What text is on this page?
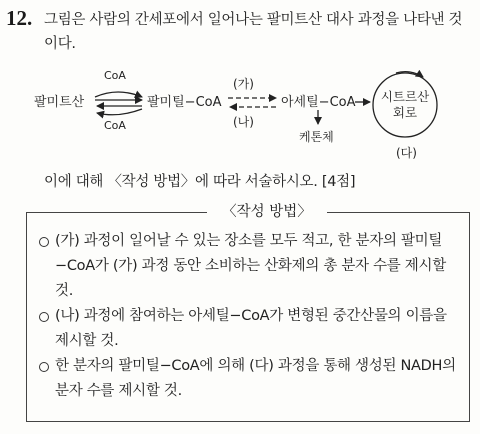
12. 그림은 사람의 간세포에서 일어나는 팔미트산 대사 과정을 나타낸 것이다.
CoA
팔미트산
CoA
팔미틸−CoA
(가)
(나)
아세틸−CoA
케톤체
시트르산
회로
(다)
이에 대해 〈작성 방법〉에 따라 서술하시오. [4점]
〈작성 방법〉
(가) 과정이 일어날 수 있는 장소를 모두 적고, 한 분자의 팔미틸−CoA가 (가) 과정 동안 소비하는 산화제의 총 분자 수를 제시할 것.
(나) 과정에 참여하는 아세틸−CoA가 변형된 중간산물의 이름을 제시할 것.
한 분자의 팔미틸−CoA에 의해 (다) 과정을 통해 생성된 NADH의 분자 수를 제시할 것.
